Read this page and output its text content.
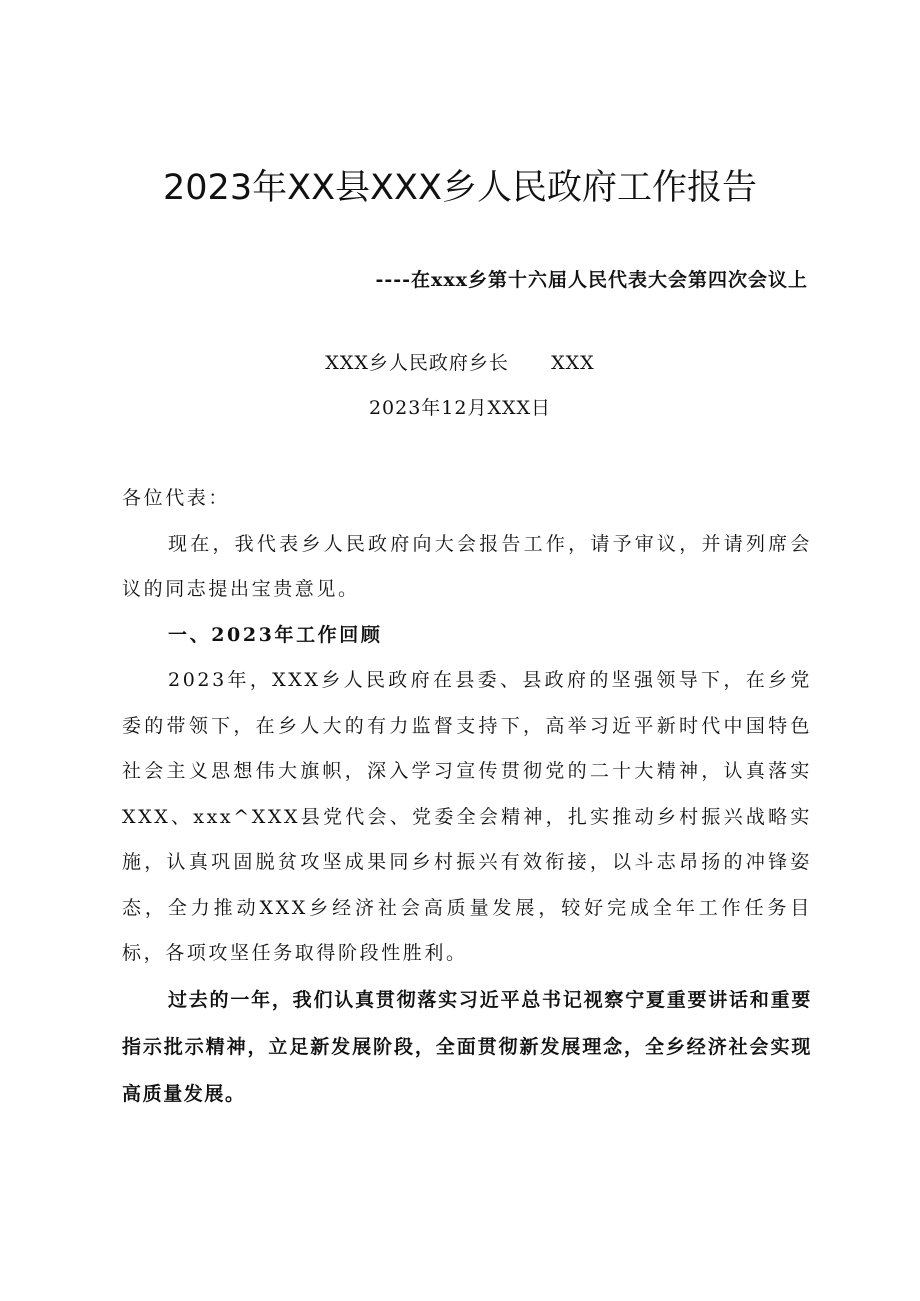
2023年XX县XXX乡人民政府工作报告
----在xxx乡第十六届人民代表大会第四次会议上
XXX乡人民政府乡长      XXX
2023年12月XXX日

各位代表：

现在，我代表乡人民政府向大会报告工作，请予审议，并请列席会议的同志提出宝贵意见。

一、2023年工作回顾

2023年，XXX乡人民政府在县委、县政府的坚强领导下，在乡党委的带领下，在乡人大的有力监督支持下，高举习近平新时代中国特色社会主义思想伟大旗帜，深入学习宣传贯彻党的二十大精神，认真落实XXX、xxx^XXX县党代会、党委全会精神，扎实推动乡村振兴战略实施，认真巩固脱贫攻坚成果同乡村振兴有效衔接，以斗志昂扬的冲锋姿态，全力推动XXX乡经济社会高质量发展，较好完成全年工作任务目标，各项攻坚任务取得阶段性胜利。

过去的一年，我们认真贯彻落实习近平总书记视察宁夏重要讲话和重要指示批示精神，立足新发展阶段，全面贯彻新发展理念，全乡经济社会实现高质量发展。
